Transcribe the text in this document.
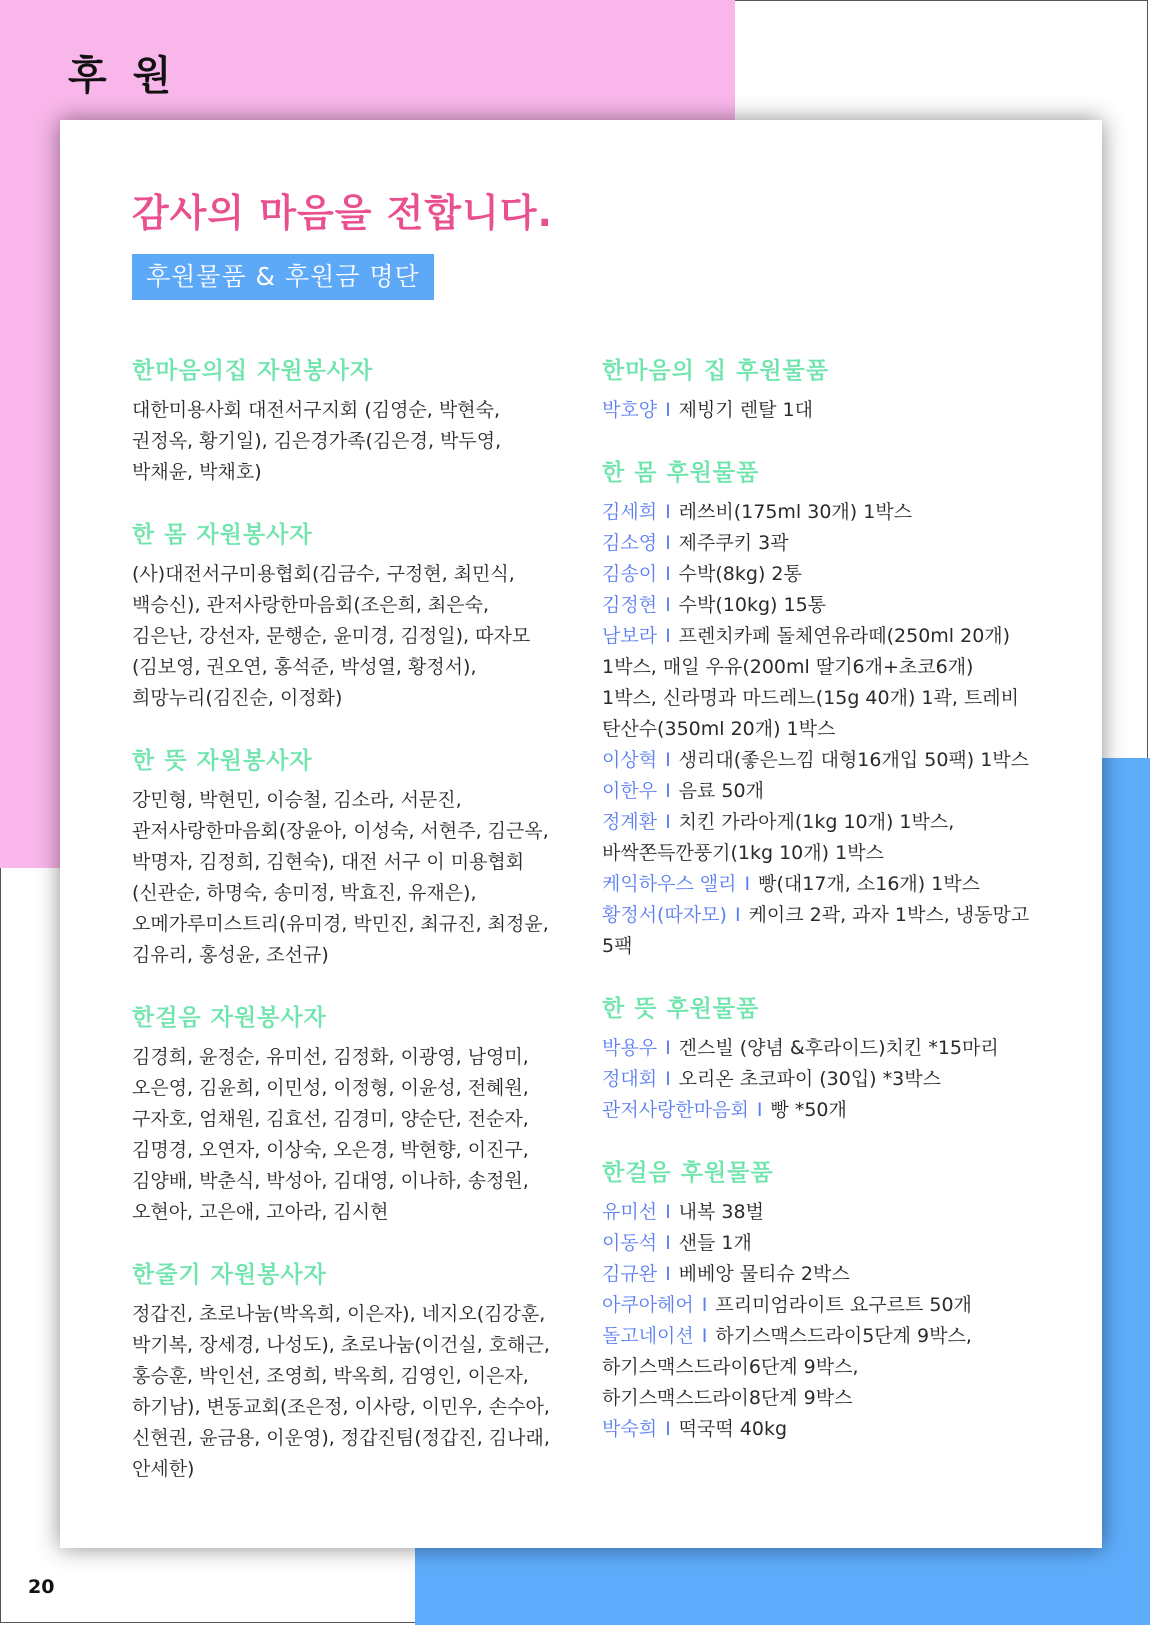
후 원
감사의 마음을 전합니다.
후원물품 & 후원금 명단
한마음의집 자원봉사자

대한미용사회 대전서구지회 (김영순, 박현숙, 권정옥, 황기일), 김은경가족(김은경, 박두영, 박채윤, 박채호)

한 몸 자원봉사자

(사)대전서구미용협회(김금수, 구정현, 최민식, 백승신), 관저사랑한마음회(조은희, 최은숙, 김은난, 강선자, 문행순, 윤미경, 김정일), 따자모(김보영, 권오연, 홍석준, 박성열, 황정서), 희망누리(김진순, 이정화)

한 뜻 자원봉사자

강민형, 박현민, 이승철, 김소라, 서문진, 관저사랑한마음회(장윤아, 이성숙, 서현주, 김근옥, 박명자, 김정희, 김현숙), 대전 서구 이 미용협회(신관순, 하명숙, 송미정, 박효진, 유재은), 오메가루미스트리(유미경, 박민진, 최규진, 최정윤, 김유리, 홍성윤, 조선규)

한걸음 자원봉사자

김경희, 윤정순, 유미선, 김정화, 이광영, 남영미, 오은영, 김윤희, 이민성, 이정형, 이윤성, 전혜원, 구자호, 엄채원, 김효선, 김경미, 양순단, 전순자, 김명경, 오연자, 이상숙, 오은경, 박현향, 이진구, 김양배, 박춘식, 박성아, 김대영, 이나하, 송정원, 오현아, 고은애, 고아라, 김시현

한줄기 자원봉사자

정갑진, 초로나눔(박옥희, 이은자), 네지오(김강훈, 박기복, 장세경, 나성도), 초로나눔(이건실, 호해근, 홍승훈, 박인선, 조영희, 박옥희, 김영인, 이은자, 하기남), 변동교회(조은정, 이사랑, 이민우, 손수아, 신현권, 윤금용, 이운영), 정갑진팀(정갑진, 김나래, 안세한)

한마음의 집 후원물품

박호양 I 제빙기 렌탈 1대

한 몸 후원물품

김세희 I 레쓰비(175ml 30개) 1박스

김소영 I 제주쿠키 3곽

김송이 I 수박(8kg) 2통

김정현 I 수박(10kg) 15통

남보라 I 프렌치카페 돌체연유라떼(250ml 20개) 1박스, 매일 우유(200ml 딸기6개+초코6개) 1박스, 신라명과 마드레느(15g 40개) 1곽, 트레비 탄산수(350ml 20개) 1박스

이상혁 I 생리대(좋은느낌 대형16개입 50팩) 1박스

이한우 I 음료 50개

정계환 I 치킨 가라아게(1kg 10개) 1박스, 바싹쫀득깐풍기(1kg 10개) 1박스

케익하우스 앨리 I 빵(대17개, 소16개) 1박스

황정서(따자모) I 케이크 2곽, 과자 1박스, 냉동망고 5팩

한 뜻 후원물품

박용우 I 겐스빌 (양념 &후라이드)치킨 *15마리

정대회 I 오리온 초코파이 (30입) *3박스

관저사랑한마음회 I 빵 *50개

한걸음 후원물품

유미선 I 내복 38벌

이동석 I 샌들 1개

김규완 I 베베앙 물티슈 2박스

아쿠아헤어 I 프리미엄라이트 요구르트 50개

돌고네이션 I 하기스맥스드라이5단계 9박스, 하기스맥스드라이6단계 9박스, 하기스맥스드라이8단계 9박스

박숙희 I 떡국떡 40kg

20
